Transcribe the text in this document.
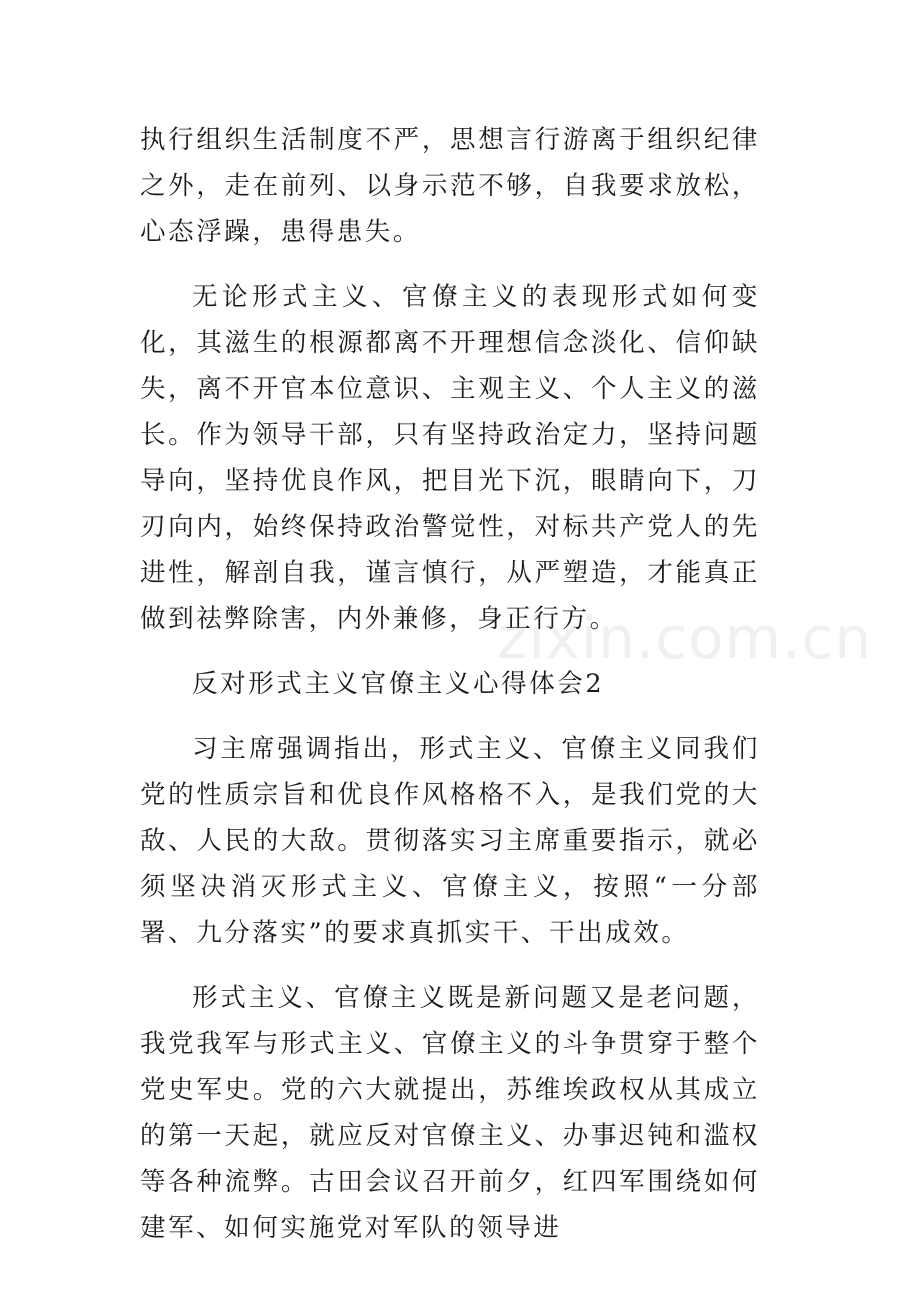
执行组织生活制度不严，思想言行游离于组织纪律之外，走在前列、以身示范不够，自我要求放松，心态浮躁，患得患失。

无论形式主义、官僚主义的表现形式如何变化，其滋生的根源都离不开理想信念淡化、信仰缺失，离不开官本位意识、主观主义、个人主义的滋长。作为领导干部，只有坚持政治定力，坚持问题导向，坚持优良作风，把目光下沉，眼睛向下，刀刃向内，始终保持政治警觉性，对标共产党人的先进性，解剖自我，谨言慎行，从严塑造，才能真正做到祛弊除害，内外兼修，身正行方。

反对形式主义官僚主义心得体会2

习主席强调指出，形式主义、官僚主义同我们党的性质宗旨和优良作风格格不入，是我们党的大敌、人民的大敌。贯彻落实习主席重要指示，就必须坚决消灭形式主义、官僚主义，按照“一分部署、九分落实”的要求真抓实干、干出成效。

形式主义、官僚主义既是新问题又是老问题，我党我军与形式主义、官僚主义的斗争贯穿于整个党史军史。党的六大就提出，苏维埃政权从其成立的第一天起，就应反对官僚主义、办事迟钝和滥权等各种流弊。古田会议召开前夕，红四军围绕如何建军、如何实施党对军队的领导进

zixin.com.cn
